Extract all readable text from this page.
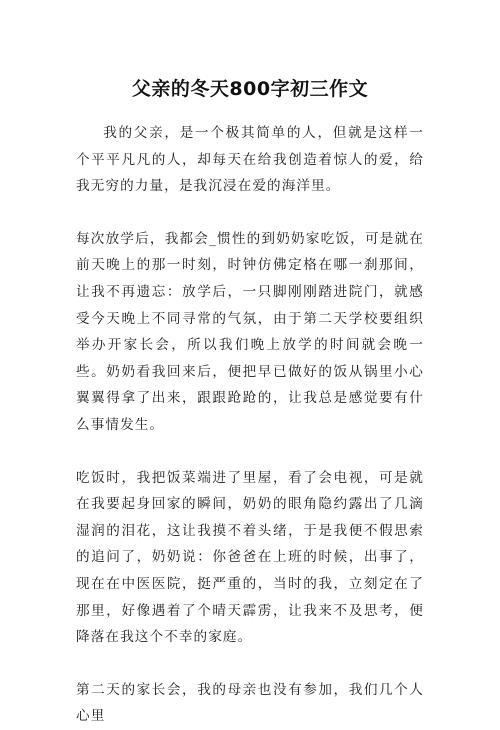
父亲的冬天800字初三作文

我的父亲，是一个极其简单的人，但就是这样一个平平凡凡的人，却每天在给我创造着惊人的爱，给我无穷的力量，是我沉浸在爱的海洋里。

每次放学后，我都会_惯性的到奶奶家吃饭，可是就在前天晚上的那一时刻，时钟仿佛定格在哪一刹那间，让我不再遗忘：放学后，一只脚刚刚踏进院门，就感受今天晚上不同寻常的气氛，由于第二天学校要组织举办开家长会，所以我们晚上放学的时间就会晚一些。奶奶看我回来后，便把早已做好的饭从锅里小心翼翼得拿了出来，跟跟跄跄的，让我总是感觉要有什么事情发生。

吃饭时，我把饭菜端进了里屋，看了会电视，可是就在我要起身回家的瞬间，奶奶的眼角隐约露出了几滴湿润的泪花，这让我摸不着头绪，于是我便不假思索的追问了，奶奶说：你爸爸在上班的时候，出事了，现在在中医医院，挺严重的，当时的我，立刻定在了那里，好像遇着了个晴天霹雳，让我来不及思考，便降落在我这个不幸的家庭。

第二天的家长会，我的母亲也没有参加，我们几个人心里
